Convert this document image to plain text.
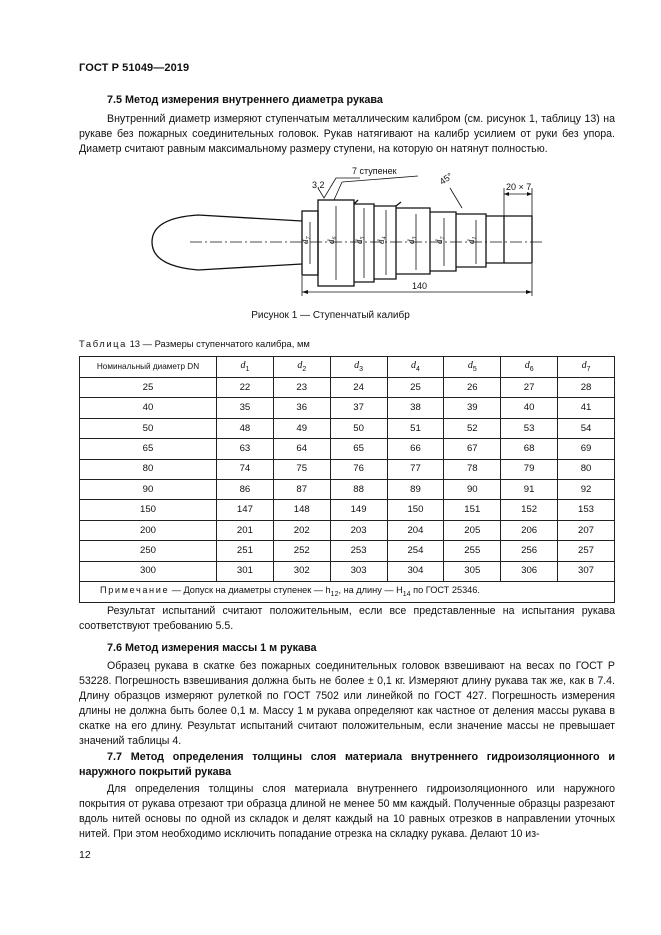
ГОСТ Р 51049—2019
7.5 Метод измерения внутреннего диаметра рукава
Внутренний диаметр измеряют ступенчатым металлическим калибром (см. рисунок 1, таблицу 13) на рукаве без пожарных соединительных головок. Рукав натягивают на калибр усилием от руки без упора. Диаметр считают равным максимальному размеру ступени, на которую он натянут полностью.
7 ступенек
3,2	45°
20 × 7
140
$d_7$
$d_6$
$d_5$
$d_4$
$d_3$
$d_2$
$d_1$
Рисунок 1 — Ступенчатый калибр
Таблица 13 — Размеры ступенчатого калибра, мм
Номинальный диаметр DN	$d_1$	$d_2$	$d_3$	$d_4$	$d_5$	$d_6$	$d_7$
25	22	23	24	25	26	27	28
40	35	36	37	38	39	40	41
50	48	49	50	51	52	53	54
65	63	64	65	66	67	68	69
80	74	75	76	77	78	79	80
90	86	87	88	89	90	91	92
150	147	148	149	150	151	152	153
200	201	202	203	204	205	206	207
250	251	252	253	254	255	256	257
300	301	302	303	304	305	306	307
Примечание — Допуск на диаметры ступенек — $h_{12}$, на длину — $H_{14}$ по ГОСТ 25346.							
Результат испытаний считают положительным, если все представленные на испытания рукава соответствуют требованию 5.5.
7.6 Метод измерения массы 1 м рукава
Образец рукава в скатке без пожарных соединительных головок взвешивают на весах по ГОСТ Р 53228. Погрешность взвешивания должна быть не более ± 0,1 кг. Измеряют длину рукава так же, как в 7.4. Длину образцов измеряют рулеткой по ГОСТ 7502 или линейкой по ГОСТ 427. Погрешность измерения длины не должна быть более 0,1 м. Массу 1 м рукава определяют как частное от деления массы рукава в скатке на его длину. Результат испытаний считают положительным, если значение массы не превышает значений таблицы 4.
7.7 Метод определения толщины слоя материала внутреннего гидроизоляционного и наружного покрытий рукава
Для определения толщины слоя материала внутреннего гидроизоляционного или наружного покрытия от рукава отрезают три образца длиной не менее 50 мм каждый. Полученные образцы разрезают вдоль нитей основы по одной из складок и делят каждый на 10 равных отрезков в направлении уточных нитей. При этом необходимо исключить попадание отрезка на складку рукава. Делают 10 из-
12
